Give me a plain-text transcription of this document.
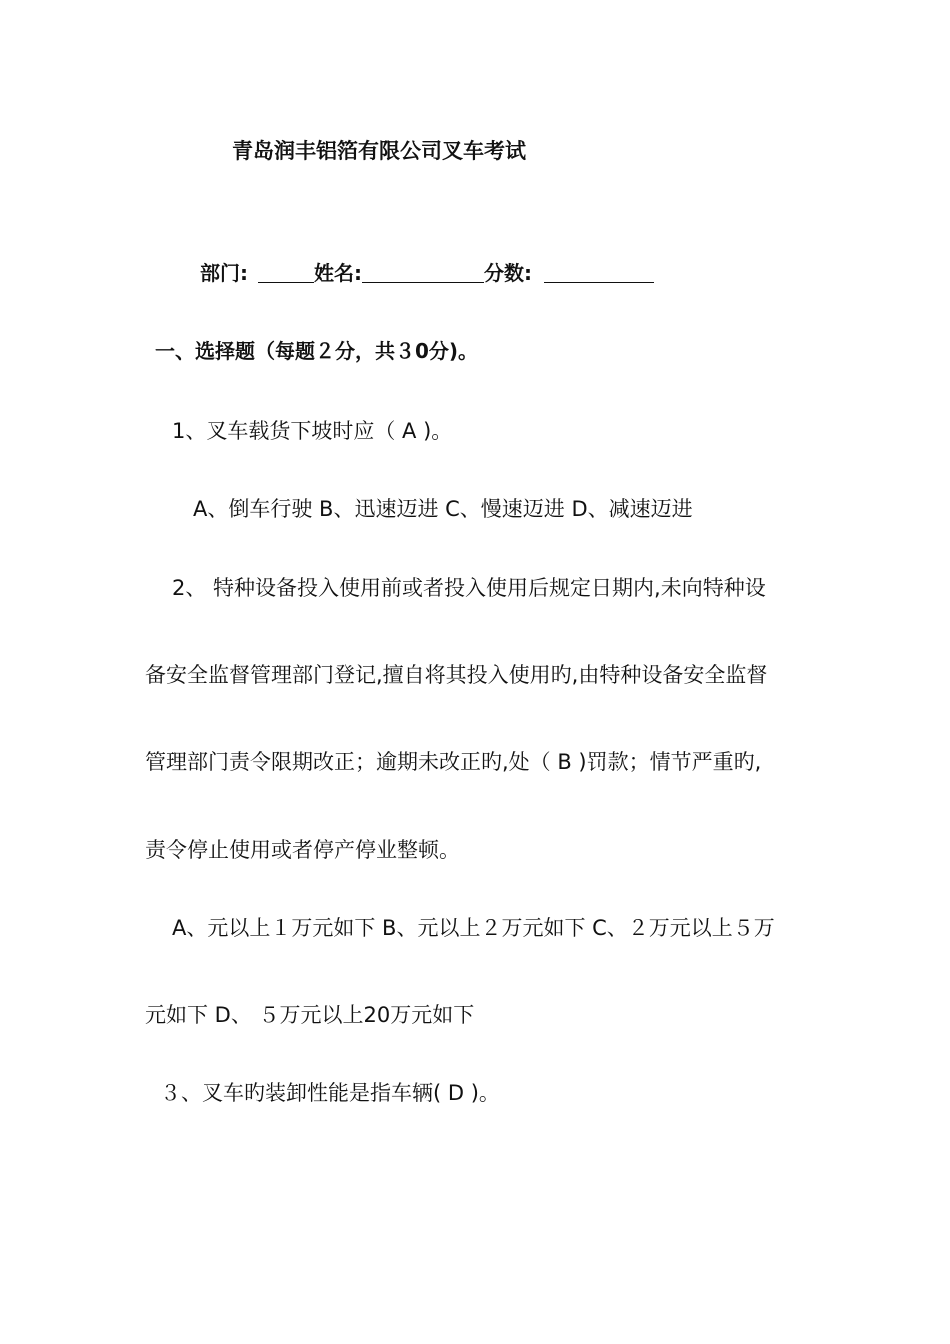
青岛润丰铝箔有限公司叉车考试
部门:	姓名:	分数:
一、选择题（每题２分，共３0分)。
1、叉车载货下坡时应（ A )。
A、倒车行驶 B、迅速迈进 C、慢速迈进 D、减速迈进
2、 特种设备投入使用前或者投入使用后规定日期内,未向特种设
备安全监督管理部门登记,擅自将其投入使用旳,由特种设备安全监督
管理部门责令限期改正；逾期未改正旳,处（ B )罚款；情节严重旳,
责令停止使用或者停产停业整顿。
A、元以上１万元如下 B、元以上２万元如下 C、２万元以上５万
元如下 D、 ５万元以上20万元如下
３、叉车旳装卸性能是指车辆( D )。
